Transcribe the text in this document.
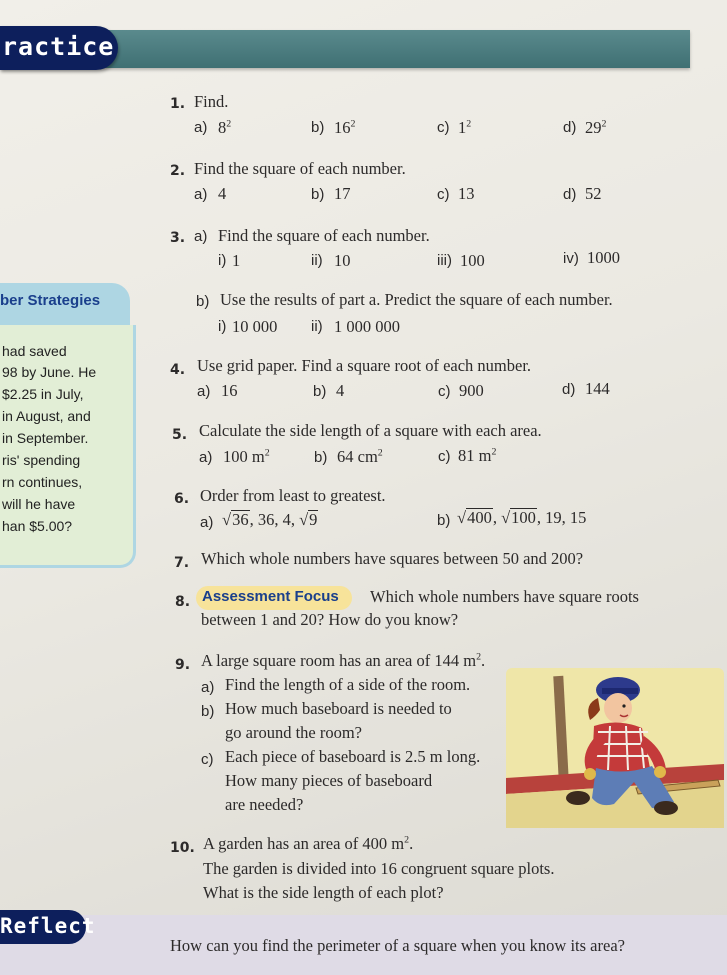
ractice
ber Strategies
had saved
98 by June. He
$2.25 in July,
in August, and
in September.
ris' spending
rn continues,
will he have
han $5.00?
1. Find.
a) $8^2$	b) $16^2$	c) $1^2$	d) $29^2$
2. Find the square of each number.
a) 4	b) 17	c) 13	d) 52
3. a) Find the square of each number.
i) 1	ii) 10	iii) 100	iv) 1000
b) Use the results of part a. Predict the square of each number.
i) 10 000 ii) 1 000 000
4. Use grid paper. Find a square root of each number.
a) 16	b) 4	c) 900	d) 144
5. Calculate the side length of a square with each area.
a) 100 $m^2$	b) 64 $cm^2$	c) 81 $m^2$
6. Order from least to greatest.
a) √36, 36, 4, √9	b) √400, √100, 19, 15
7. Which whole numbers have squares between 50 and 200?
8. Assessment Focus Which whole numbers have square roots
between 1 and 20? How do you know?
9. A large square room has an area of 144 $m^2$.
a) Find the length of a side of the room.
b) How much baseboard is needed to
go around the room?
c) Each piece of baseboard is 2.5 m long.
How many pieces of baseboard
are needed?
10. A garden has an area of 400 $m^2$.
The garden is divided into 16 congruent square plots.
What is the side length of each plot?
Reflect
How can you find the perimeter of a square when you know its area?
